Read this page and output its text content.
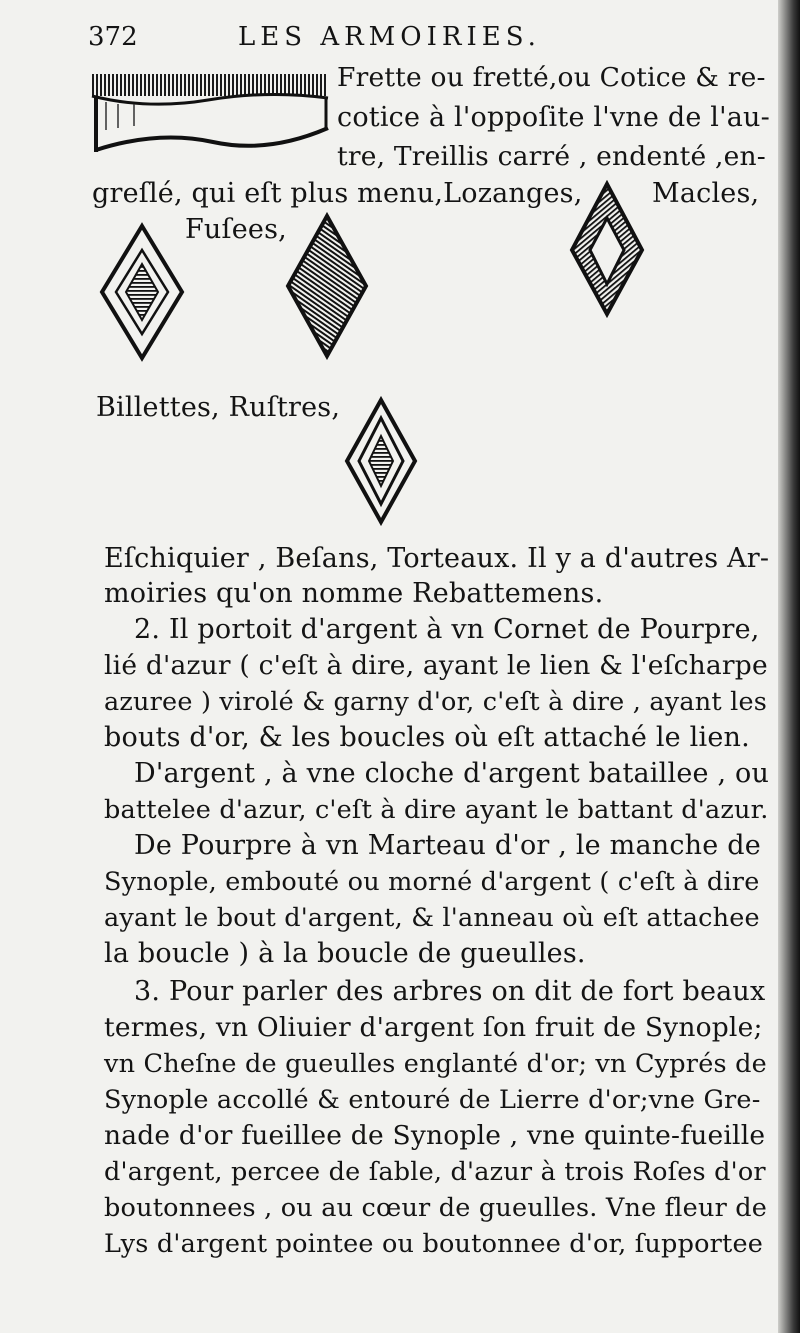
372	LES ARMOIRIES.
Frette ou fretté,ou Cotice & re-
cotice à l'oppoſite l'vne de l'au-
tre, Treillis carré , endenté ,en-
greſlé, qui eſt plus menu,Lozanges,	Macles,
Fuſees,
Billettes, Ruſtres,
Eſchiquier , Beſans, Torteaux. Il y a d'autres Ar-
moiries qu'on nomme Rebattemens.
2. Il portoit d'argent à vn Cornet de Pourpre,
lié d'azur ( c'eſt à dire, ayant le lien & l'eſcharpe
azuree ) virolé & garny d'or, c'eſt à dire , ayant les
bouts d'or, & les boucles où eſt attaché le lien.
D'argent , à vne cloche d'argent bataillee , ou
battelee d'azur, c'eſt à dire ayant le battant d'azur.
De Pourpre à vn Marteau d'or , le manche de
Synople, embouté ou morné d'argent ( c'eſt à dire
ayant le bout d'argent, & l'anneau où eſt attachee
la boucle ) à la boucle de gueulles.
3. Pour parler des arbres on dit de fort beaux
termes, vn Oliuier d'argent ſon fruit de Synople;
vn Cheſne de gueulles englanté d'or; vn Cyprés de
Synople accollé & entouré de Lierre d'or;vne Gre-
nade d'or fueillee de Synople , vne quinte-fueille
d'argent, percee de ſable, d'azur à trois Roſes d'or
boutonnees , ou au cœur de gueulles. Vne fleur de
Lys d'argent pointee ou boutonnee d'or, ſupportee
